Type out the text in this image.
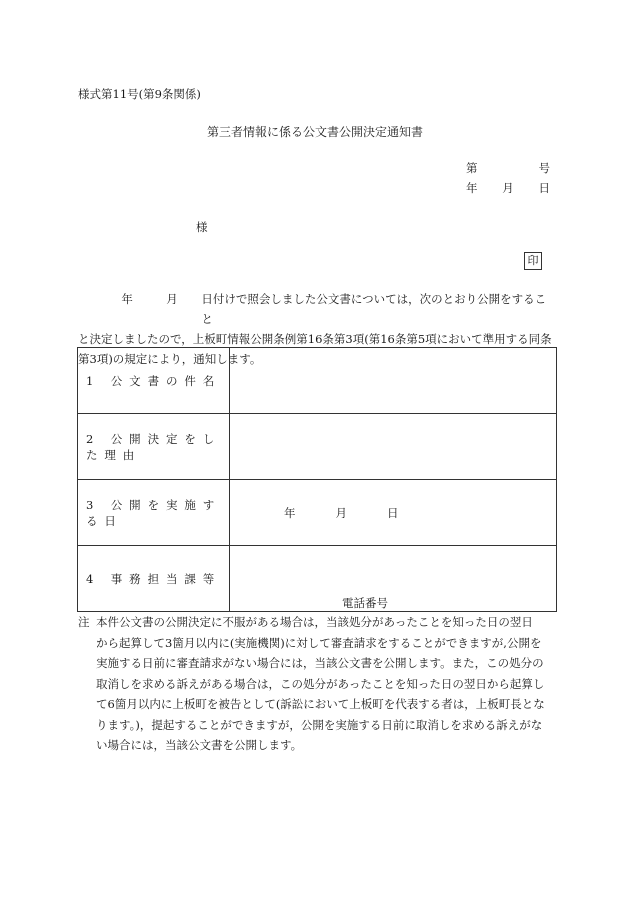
様式第11号(第9条関係)
第三者情報に係る公文書公開決定通知書
第	号
年 月 日
様
印
年	月 日付けで照会しました公文書については，次のとおり公開をすること

と決定しましたので，上板町情報公開条例第16条第3項(第16条第5項において準用する同条

第3項)の規定により，通知します。

1 公文書の件名	
2 公開決定をした理由	
3 公開を実施する日	年 月 日

4 事務担当課等	電話番号
注 本件公文書の公開決定に不服がある場合は，当該処分があったことを知った日の翌日
から起算して3箇月以内に(実施機関)に対して審査請求をすることができますが,公開を
実施する日前に審査請求がない場合には，当該公文書を公開します。また，この処分の
取消しを求める訴えがある場合は，この処分があったことを知った日の翌日から起算し
て6箇月以内に上板町を被告として(訴訟において上板町を代表する者は，上板町長とな
ります。)，提起することができますが，公開を実施する日前に取消しを求める訴えがな
い場合には，当該公文書を公開します。
